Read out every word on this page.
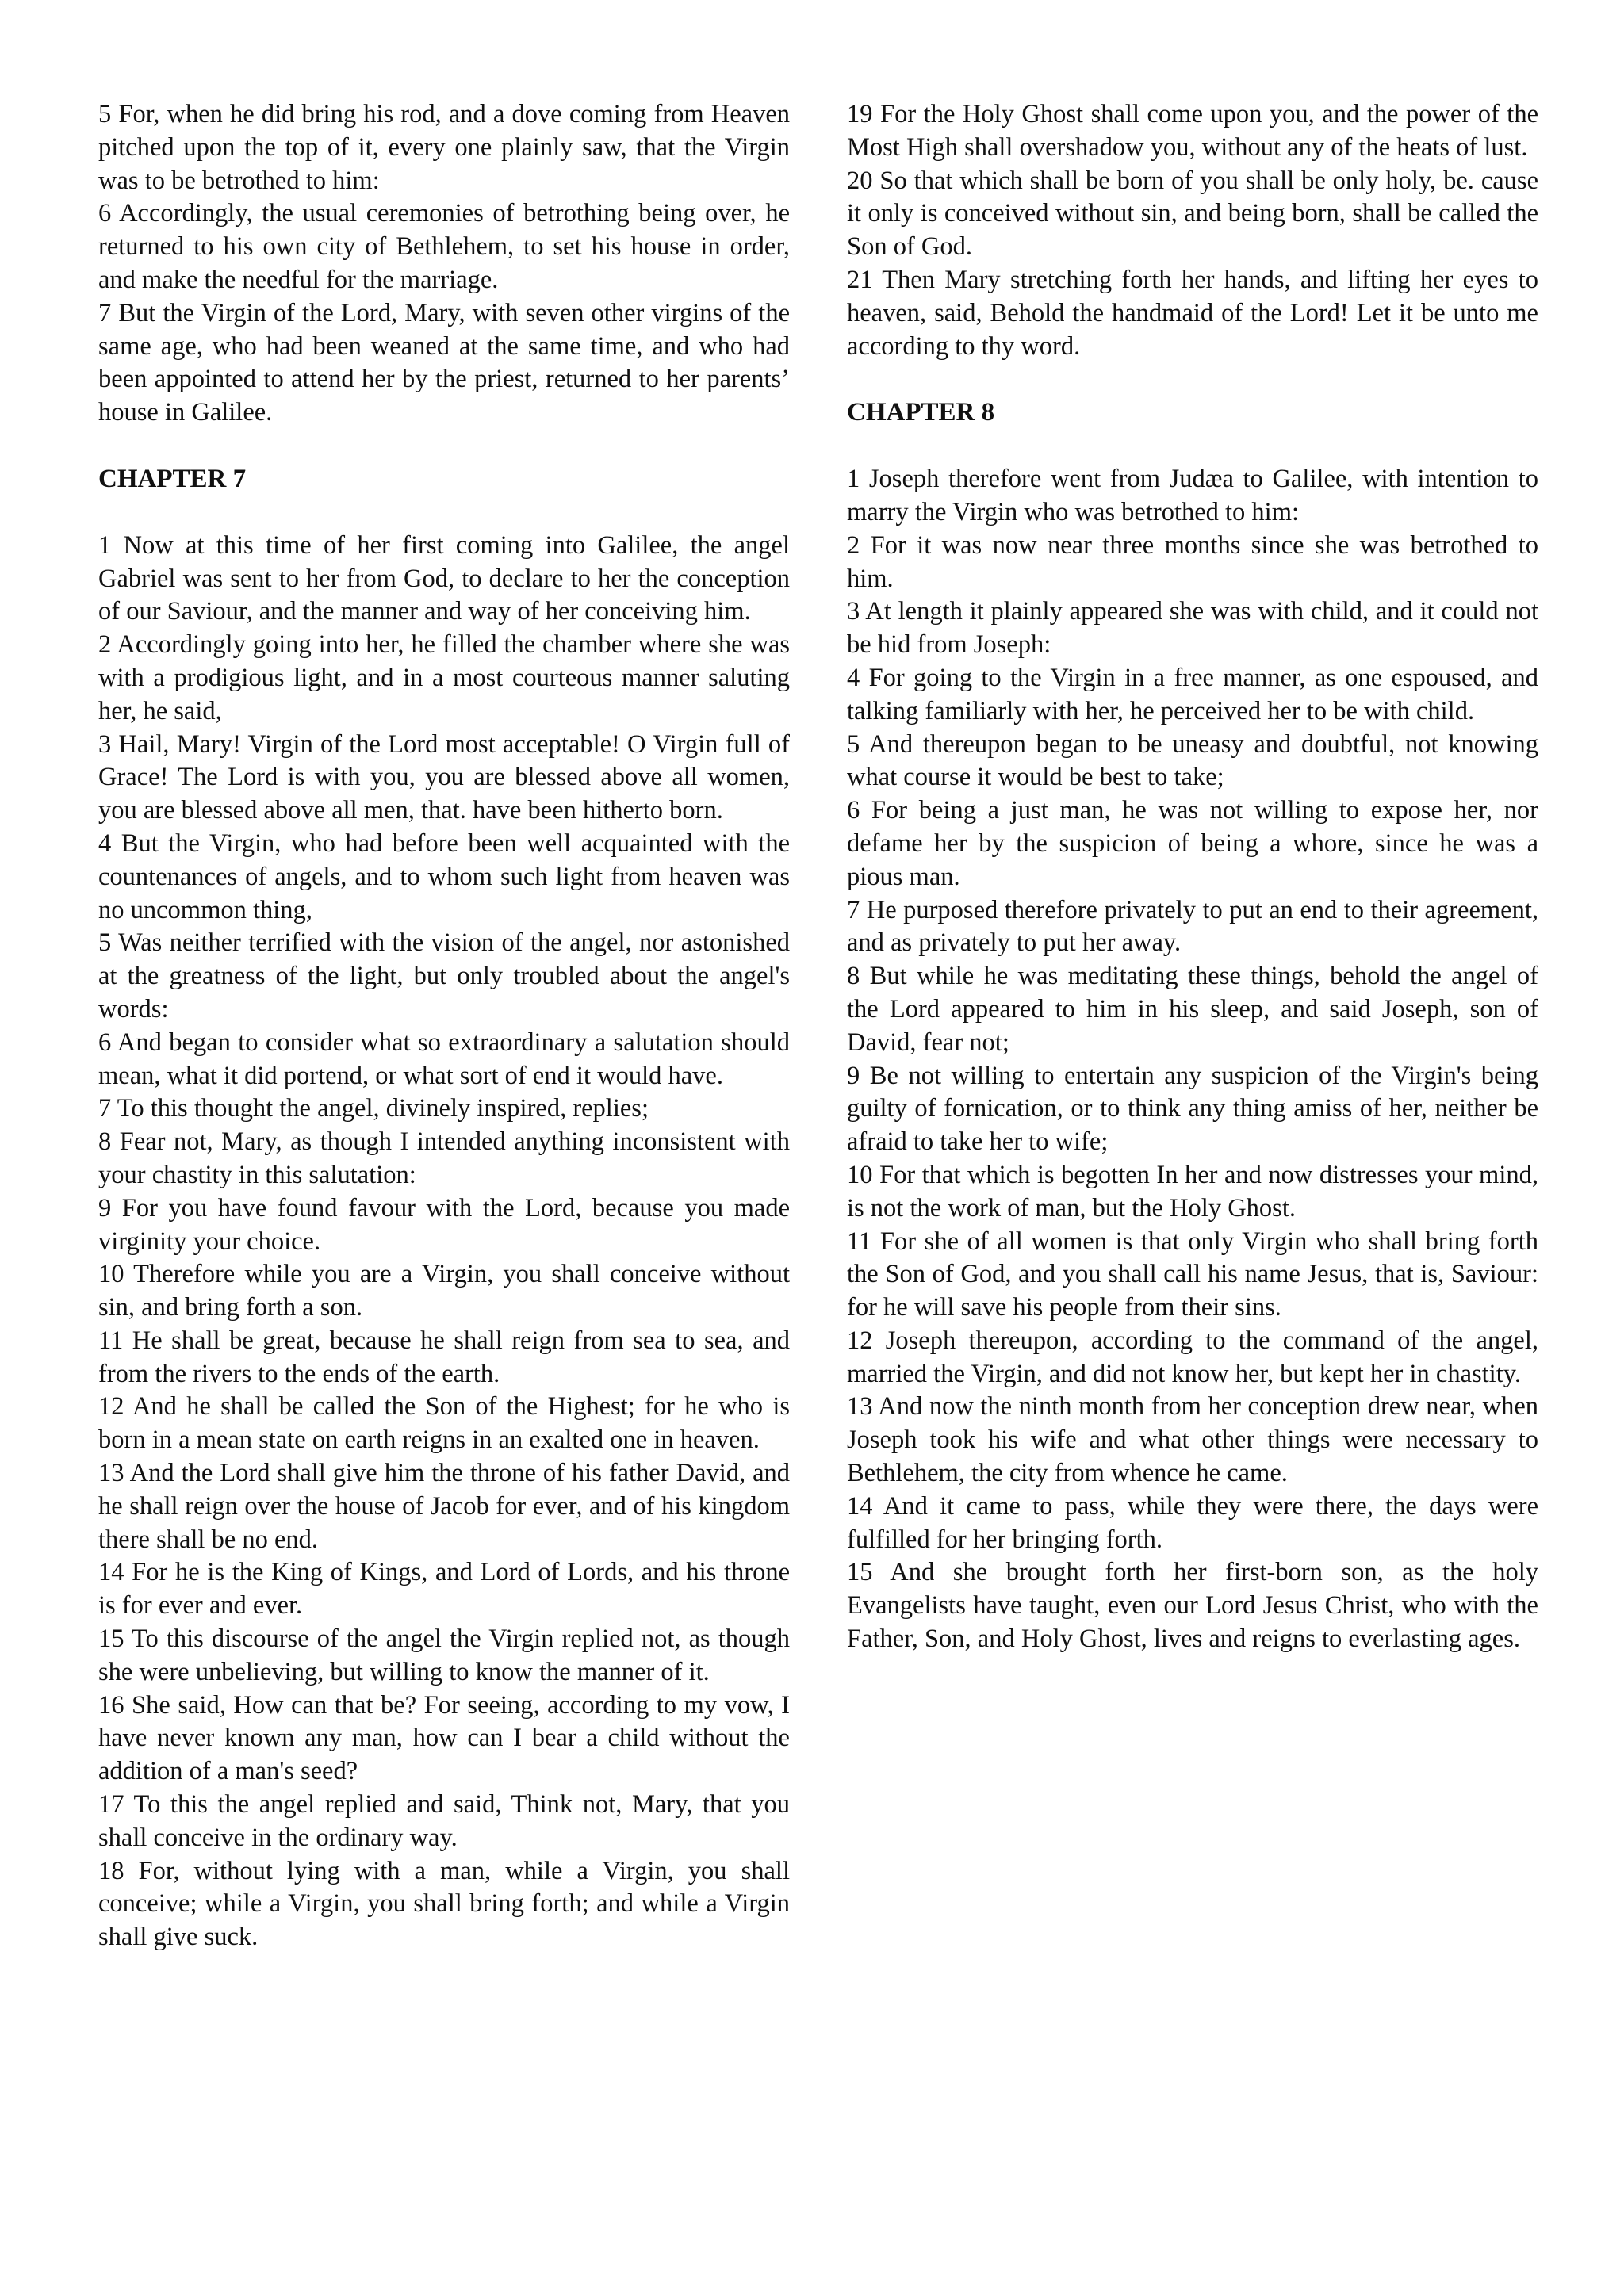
5 For, when he did bring his rod, and a dove coming from Heaven pitched upon the top of it, every one plainly saw, that the Virgin was to be betrothed to him:

6 Accordingly, the usual ceremonies of betrothing being over, he returned to his own city of Bethlehem, to set his house in order, and make the needful for the marriage.

7 But the Virgin of the Lord, Mary, with seven other virgins of the same age, who had been weaned at the same time, and who had been appointed to attend her by the priest, returned to her parents’ house in Galilee.

CHAPTER 7

1 Now at this time of her first coming into Galilee, the angel Gabriel was sent to her from God, to declare to her the conception of our Saviour, and the manner and way of her conceiving him.

2 Accordingly going into her, he filled the chamber where she was with a prodigious light, and in a most courteous manner saluting her, he said,

3 Hail, Mary! Virgin of the Lord most acceptable! O Virgin full of Grace! The Lord is with you, you are blessed above all women, you are blessed above all men, that. have been hitherto born.

4 But the Virgin, who had before been well acquainted with the countenances of angels, and to whom such light from heaven was no uncommon thing,

5 Was neither terrified with the vision of the angel, nor astonished at the greatness of the light, but only troubled about the angel's words:

6 And began to consider what so extraordinary a salutation should mean, what it did portend, or what sort of end it would have.

7 To this thought the angel, divinely inspired, replies;

8 Fear not, Mary, as though I intended anything inconsistent with your chastity in this salutation:

9 For you have found favour with the Lord, because you made virginity your choice.

10 Therefore while you are a Virgin, you shall conceive without sin, and bring forth a son.

11 He shall be great, because he shall reign from sea to sea, and from the rivers to the ends of the earth.

12 And he shall be called the Son of the Highest; for he who is born in a mean state on earth reigns in an exalted one in heaven.

13 And the Lord shall give him the throne of his father David, and he shall reign over the house of Jacob for ever, and of his kingdom there shall be no end.

14 For he is the King of Kings, and Lord of Lords, and his throne is for ever and ever.

15 To this discourse of the angel the Virgin replied not, as though she were unbelieving, but willing to know the manner of it.

16 She said, How can that be? For seeing, according to my vow, I have never known any man, how can I bear a child without the addition of a man's seed?

17 To this the angel replied and said, Think not, Mary, that you shall conceive in the ordinary way.

18 For, without lying with a man, while a Virgin, you shall conceive; while a Virgin, you shall bring forth; and while a Virgin shall give suck.

19 For the Holy Ghost shall come upon you, and the power of the Most High shall overshadow you, without any of the heats of lust.

20 So that which shall be born of you shall be only holy, be. cause it only is conceived without sin, and being born, shall be called the Son of God.

21 Then Mary stretching forth her hands, and lifting her eyes to heaven, said, Behold the handmaid of the Lord! Let it be unto me according to thy word.

CHAPTER 8

1 Joseph therefore went from Judæa to Galilee, with intention to marry the Virgin who was betrothed to him:

2 For it was now near three months since she was betrothed to him.

3 At length it plainly appeared she was with child, and it could not be hid from Joseph:

4 For going to the Virgin in a free manner, as one espoused, and talking familiarly with her, he perceived her to be with child.

5 And thereupon began to be uneasy and doubtful, not knowing what course it would be best to take;

6 For being a just man, he was not willing to expose her, nor defame her by the suspicion of being a whore, since he was a pious man.

7 He purposed therefore privately to put an end to their agreement, and as privately to put her away.

8 But while he was meditating these things, behold the angel of the Lord appeared to him in his sleep, and said Joseph, son of David, fear not;

9 Be not willing to entertain any suspicion of the Virgin's being guilty of fornication, or to think any thing amiss of her, neither be afraid to take her to wife;

10 For that which is begotten In her and now distresses your mind, is not the work of man, but the Holy Ghost.

11 For she of all women is that only Virgin who shall bring forth the Son of God, and you shall call his name Jesus, that is, Saviour: for he will save his people from their sins.

12 Joseph thereupon, according to the command of the angel, married the Virgin, and did not know her, but kept her in chastity.

13 And now the ninth month from her conception drew near, when Joseph took his wife and what other things were necessary to Bethlehem, the city from whence he came.

14 And it came to pass, while they were there, the days were fulfilled for her bringing forth.

15 And she brought forth her first-born son, as the holy Evangelists have taught, even our Lord Jesus Christ, who with the Father, Son, and Holy Ghost, lives and reigns to everlasting ages.
